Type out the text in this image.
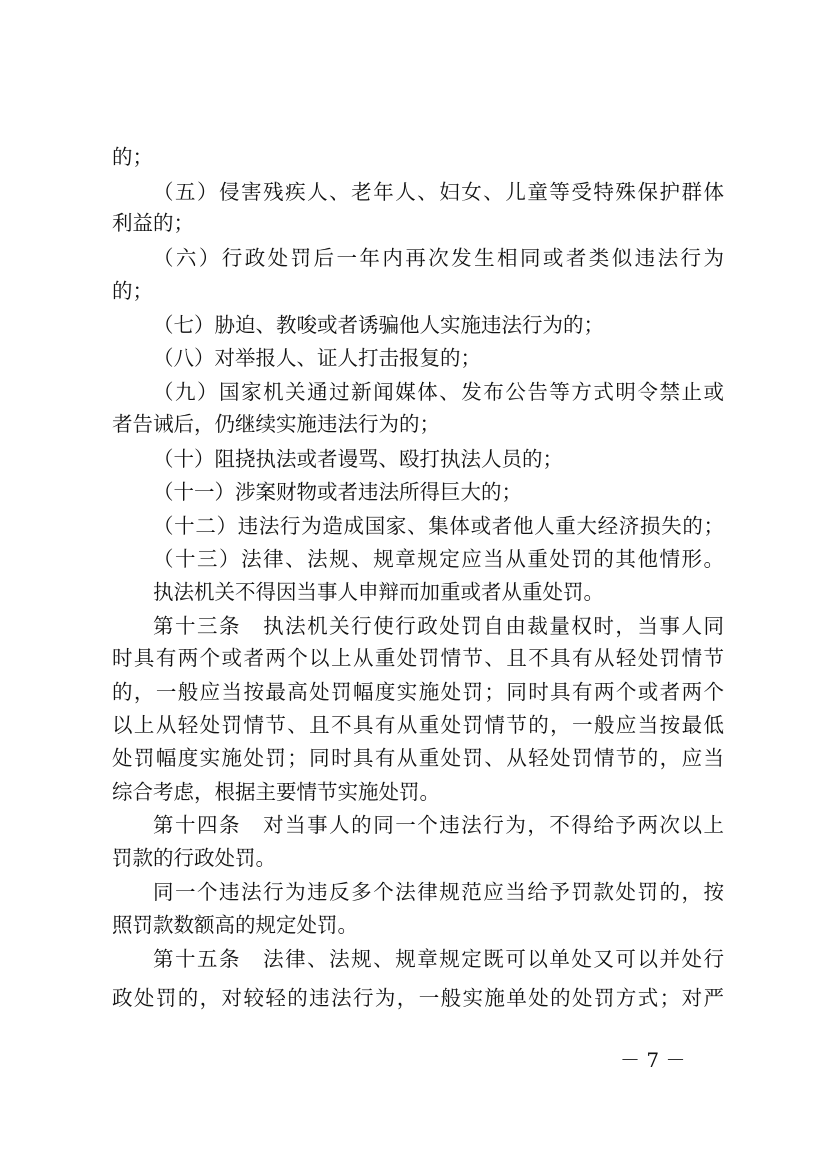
的；
（五）侵害残疾人、老年人、妇女、儿童等受特殊保护群体
利益的；
（六）行政处罚后一年内再次发生相同或者类似违法行为
的；
（七）胁迫、教唆或者诱骗他人实施违法行为的；
（八）对举报人、证人打击报复的；
（九）国家机关通过新闻媒体、发布公告等方式明令禁止或
者告诫后，仍继续实施违法行为的；
（十）阻挠执法或者谩骂、殴打执法人员的；
（十一）涉案财物或者违法所得巨大的；
（十二）违法行为造成国家、集体或者他人重大经济损失的；
（十三）法律、法规、规章规定应当从重处罚的其他情形。
执法机关不得因当事人申辩而加重或者从重处罚。
第十三条　执法机关行使行政处罚自由裁量权时，当事人同
时具有两个或者两个以上从重处罚情节、且不具有从轻处罚情节
的，一般应当按最高处罚幅度实施处罚；同时具有两个或者两个
以上从轻处罚情节、且不具有从重处罚情节的，一般应当按最低
处罚幅度实施处罚；同时具有从重处罚、从轻处罚情节的，应当
综合考虑，根据主要情节实施处罚。
第十四条　对当事人的同一个违法行为，不得给予两次以上
罚款的行政处罚。
同一个违法行为违反多个法律规范应当给予罚款处罚的，按
照罚款数额高的规定处罚。
第十五条　法律、法规、规章规定既可以单处又可以并处行
政处罚的，对较轻的违法行为，一般实施单处的处罚方式；对严
－ 7 －
